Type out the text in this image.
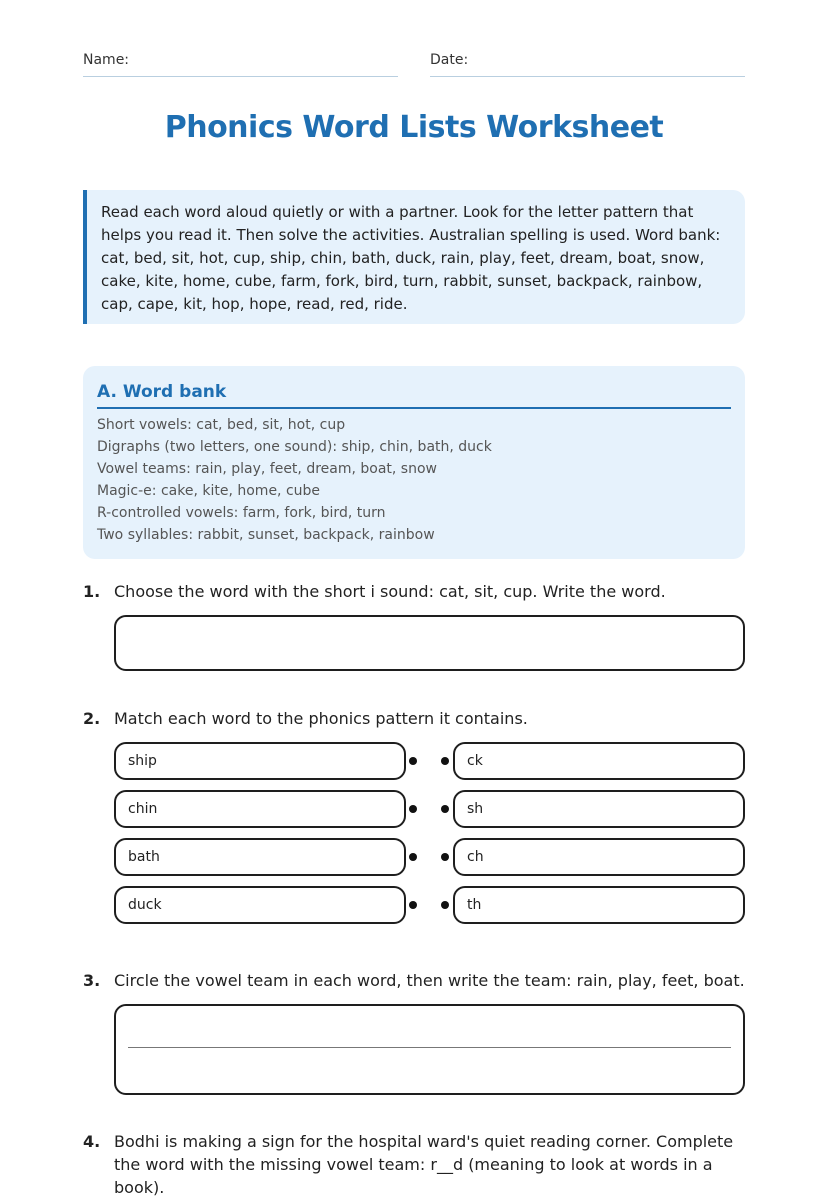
Name:	Date:
Phonics Word Lists Worksheet
Read each word aloud quietly or with a partner. Look for the letter pattern that helps you read it. Then solve the activities. Australian spelling is used. Word bank: cat, bed, sit, hot, cup, ship, chin, bath, duck, rain, play, feet, dream, boat, snow, cake, kite, home, cube, farm, fork, bird, turn, rabbit, sunset, backpack, rainbow, cap, cape, kit, hop, hope, read, red, ride.
A. Word bank
Short vowels: cat, bed, sit, hot, cup
Digraphs (two letters, one sound): ship, chin, bath, duck
Vowel teams: rain, play, feet, dream, boat, snow
Magic-e: cake, kite, home, cube
R-controlled vowels: farm, fork, bird, turn
Two syllables: rabbit, sunset, backpack, rainbow
1. Choose the word with the short i sound: cat, sit, cup. Write the word.
2. Match each word to the phonics pattern it contains.
ship	ck
chin	sh
bath	ch
duck	th
3. Circle the vowel team in each word, then write the team: rain, play, feet, boat.
4. Bodhi is making a sign for the hospital ward's quiet reading corner. Complete the word with the missing vowel team: r__d (meaning to look at words in a book).
